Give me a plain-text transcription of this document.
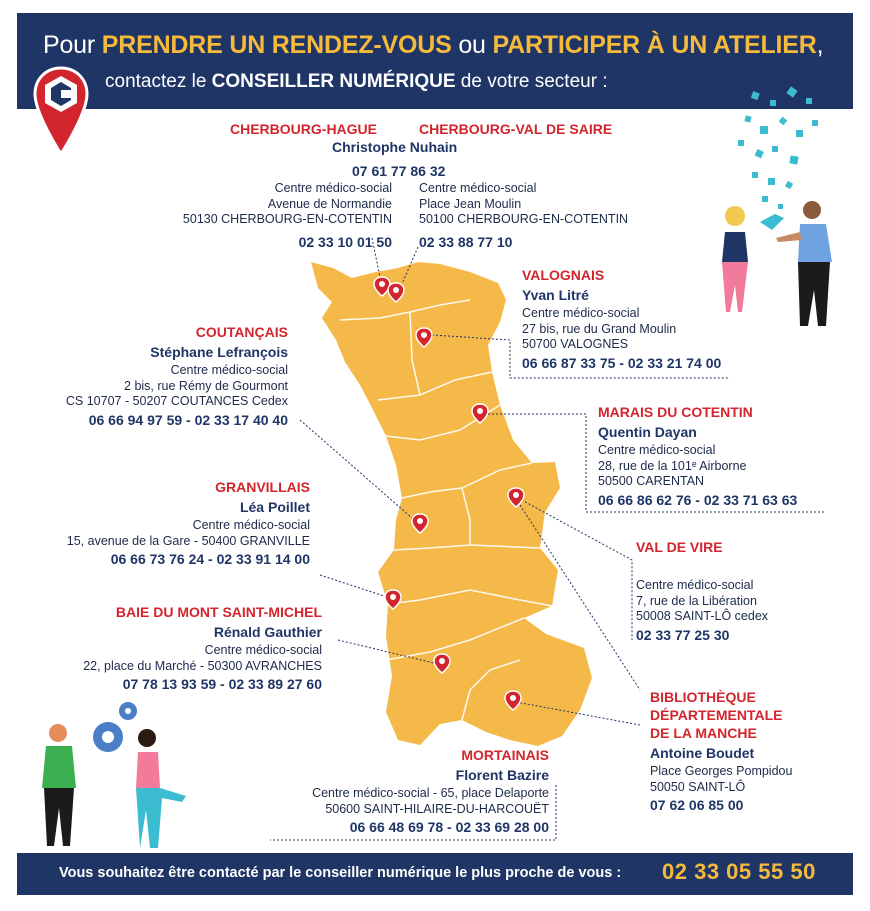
Pour PRENDRE UN RENDEZ-VOUS ou PARTICIPER À UN ATELIER,
contactez le CONSEILLER NUMÉRIQUE de votre secteur :
CHERBOURG-HAGUE	CHERBOURG-VAL DE SAIRE
Christophe Nuhain
07 61 77 86 32
Centre médico-social
Avenue de Normandie
50130 CHERBOURG-EN-COTENTIN
02 33 10 01 50
Centre médico-social
Place Jean Moulin
50100 CHERBOURG-EN-COTENTIN
02 33 88 77 10
VALOGNAIS
Yvan Litré
Centre médico-social
27 bis, rue du Grand Moulin
50700 VALOGNES
06 66 87 33 75 - 02 33 21 74 00
COUTANÇAIS
Stéphane Lefrançois
Centre médico-social
2 bis, rue Rémy de Gourmont
CS 10707 - 50207 COUTANCES Cedex
06 66 94 97 59 - 02 33 17 40 40	MARAIS DU COTENTIN
Quentin Dayan
Centre médico-social
28, rue de la 101ᵉ Airborne
50500 CARENTAN
06 66 86 62 76 - 02 33 71 63 63
GRANVILLAIS
Léa Poillet
Centre médico-social
15, avenue de la Gare - 50400 GRANVILLE
06 66 73 76 24 - 02 33 91 14 00
VAL DE VIRE
Centre médico-social
7, rue de la Libération
50008 SAINT-LÔ cedex
02 33 77 25 30
BAIE DU MONT SAINT-MICHEL
Rénald Gauthier
Centre médico-social
22, place du Marché - 50300 AVRANCHES
07 78 13 93 59 - 02 33 89 27 60
BIBLIOTHÈQUE
DÉPARTEMENTALE
DE LA MANCHE
Antoine Boudet
Place Georges Pompidou
50050 SAINT-LÔ
07 62 06 85 00
MORTAINAIS
Florent Bazire
Centre médico-social - 65, place Delaporte
50600 SAINT-HILAIRE-DU-HARCOUËT
06 66 48 69 78 - 02 33 69 28 00
Vous souhaitez être contacté par le conseiller numérique le plus proche de vous : 02 33 05 55 50
